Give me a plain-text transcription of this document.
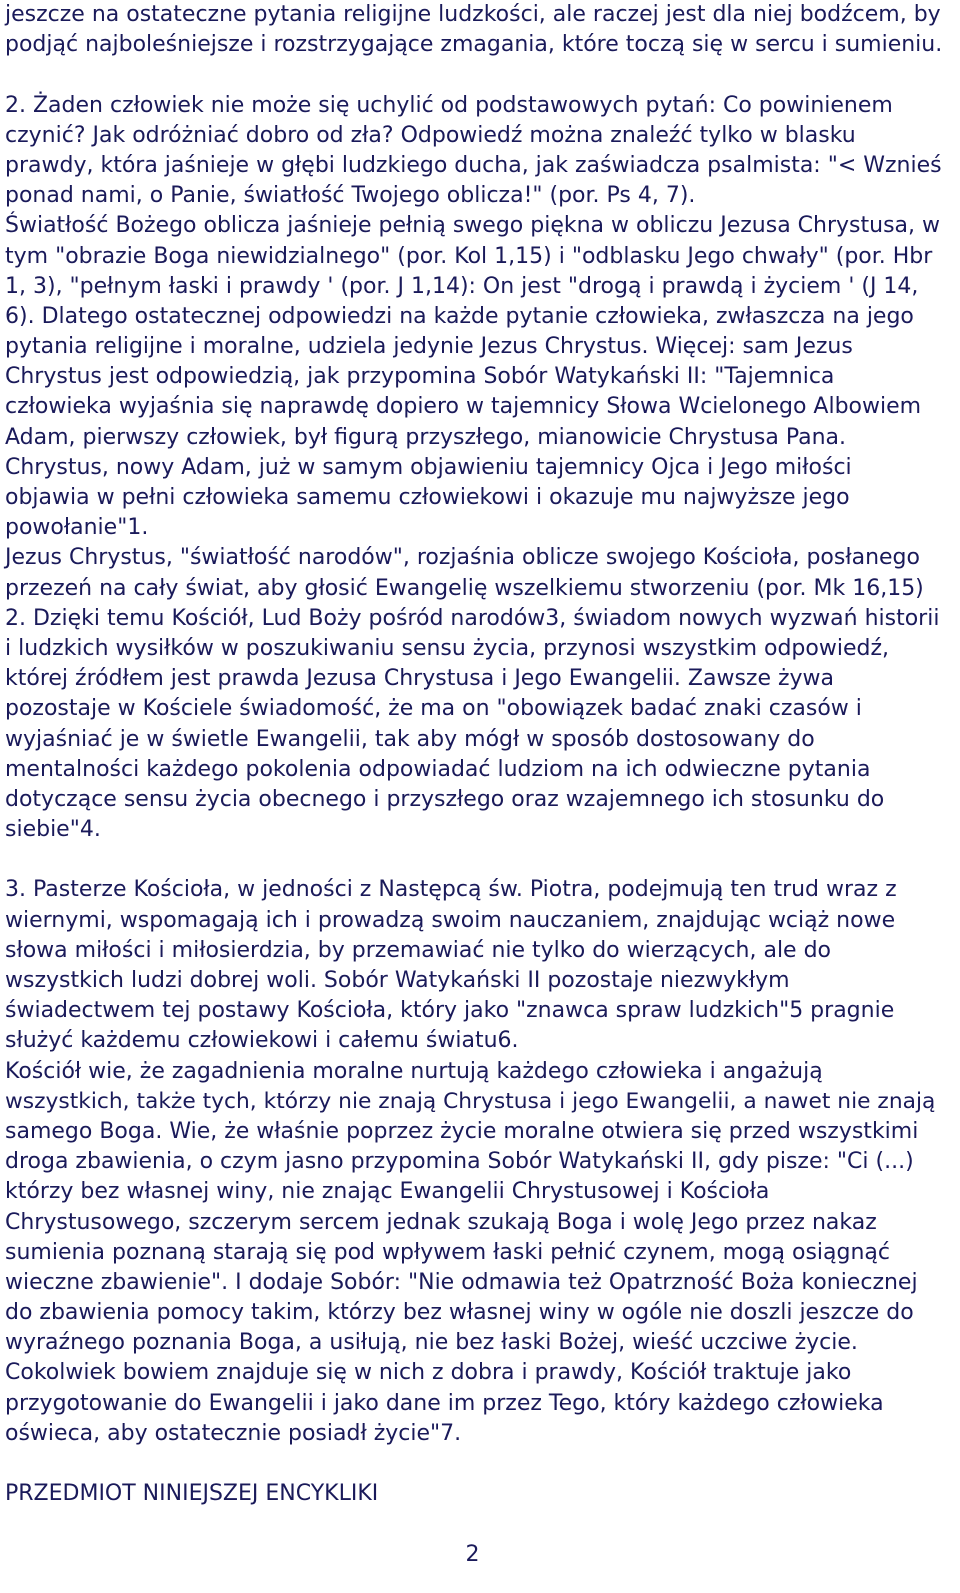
jeszcze na ostateczne pytania religijne ludzkości, ale raczej jest dla niej bodźcem, by
podjąć najboleśniejsze i rozstrzygające zmagania, które toczą się w sercu i sumieniu.
2. Żaden człowiek nie może się uchylić od podstawowych pytań: Co powinienem
czynić? Jak odróżniać dobro od zła? Odpowiedź można znaleźć tylko w blasku
prawdy, która jaśnieje w głębi ludzkiego ducha, jak zaświadcza psalmista: "< Wznieś
ponad nami, o Panie, światłość Twojego oblicza!" (por. Ps 4, 7).
Światłość Bożego oblicza jaśnieje pełnią swego piękna w obliczu Jezusa Chrystusa, w
tym "obrazie Boga niewidzialnego" (por. Kol 1,15) i "odblasku Jego chwały" (por. Hbr
1, 3), "pełnym łaski i prawdy ' (por. J 1,14): On jest "drogą i prawdą i życiem ' (J 14,
6). Dlatego ostatecznej odpowiedzi na każde pytanie człowieka, zwłaszcza na jego
pytania religijne i moralne, udziela jedynie Jezus Chrystus. Więcej: sam Jezus
Chrystus jest odpowiedzią, jak przypomina Sobór Watykański II: "Tajemnica
człowieka wyjaśnia się naprawdę dopiero w tajemnicy Słowa Wcielonego Albowiem
Adam, pierwszy człowiek, był figurą przyszłego, mianowicie Chrystusa Pana.
Chrystus, nowy Adam, już w samym objawieniu tajemnicy Ojca i Jego miłości
objawia w pełni człowieka samemu człowiekowi i okazuje mu najwyższe jego
powołanie"1.
Jezus Chrystus, "światłość narodów", rozjaśnia oblicze swojego Kościoła, posłanego
przezeń na cały świat, aby głosić Ewangelię wszelkiemu stworzeniu (por. Mk 16,15)
2. Dzięki temu Kościół, Lud Boży pośród narodów3, świadom nowych wyzwań historii
i ludzkich wysiłków w poszukiwaniu sensu życia, przynosi wszystkim odpowiedź,
której źródłem jest prawda Jezusa Chrystusa i Jego Ewangelii. Zawsze żywa
pozostaje w Kościele świadomość, że ma on "obowiązek badać znaki czasów i
wyjaśniać je w świetle Ewangelii, tak aby mógł w sposób dostosowany do
mentalności każdego pokolenia odpowiadać ludziom na ich odwieczne pytania
dotyczące sensu życia obecnego i przyszłego oraz wzajemnego ich stosunku do
siebie"4.
3. Pasterze Kościoła, w jedności z Następcą św. Piotra, podejmują ten trud wraz z
wiernymi, wspomagają ich i prowadzą swoim nauczaniem, znajdując wciąż nowe
słowa miłości i miłosierdzia, by przemawiać nie tylko do wierzących, ale do
wszystkich ludzi dobrej woli. Sobór Watykański II pozostaje niezwykłym
świadectwem tej postawy Kościoła, który jako "znawca spraw ludzkich"5 pragnie
służyć każdemu człowiekowi i całemu światu6.
Kościół wie, że zagadnienia moralne nurtują każdego człowieka i angażują
wszystkich, także tych, którzy nie znają Chrystusa i jego Ewangelii, a nawet nie znają
samego Boga. Wie, że właśnie poprzez życie moralne otwiera się przed wszystkimi
droga zbawienia, o czym jasno przypomina Sobór Watykański II, gdy pisze: "Ci (...)
którzy bez własnej winy, nie znając Ewangelii Chrystusowej i Kościoła
Chrystusowego, szczerym sercem jednak szukają Boga i wolę Jego przez nakaz
sumienia poznaną starają się pod wpływem łaski pełnić czynem, mogą osiągnąć
wieczne zbawienie". I dodaje Sobór: "Nie odmawia też Opatrzność Boża koniecznej
do zbawienia pomocy takim, którzy bez własnej winy w ogóle nie doszli jeszcze do
wyraźnego poznania Boga, a usiłują, nie bez łaski Bożej, wieść uczciwe życie.
Cokolwiek bowiem znajduje się w nich z dobra i prawdy, Kościół traktuje jako
przygotowanie do Ewangelii i jako dane im przez Tego, który każdego człowieka
oświeca, aby ostatecznie posiadł życie"7.
PRZEDMIOT NINIEJSZEJ ENCYKLIKI
2
